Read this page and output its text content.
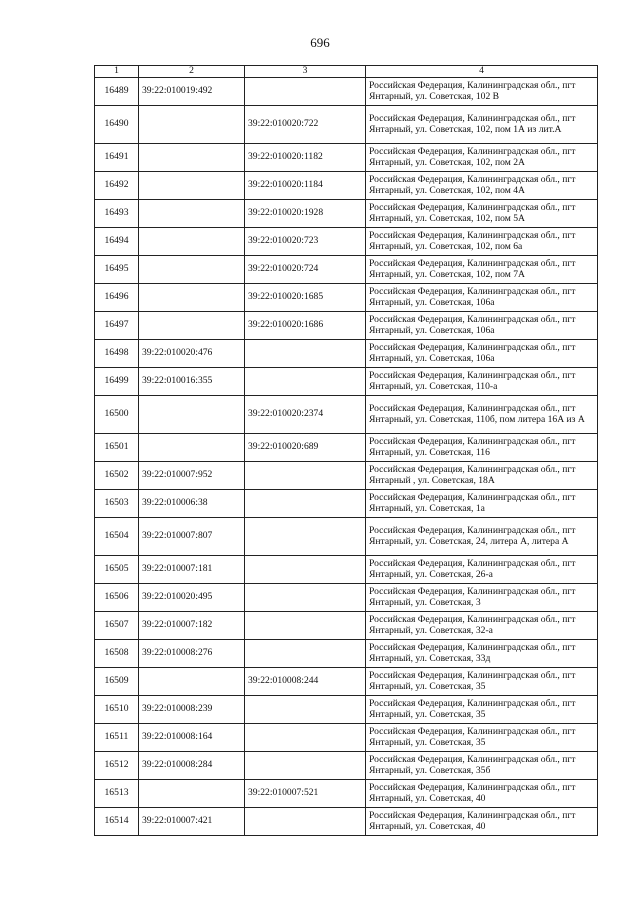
696
1	2	3	4
16489	39:22:010019:492		Российская Федерация, Калининградская обл., пгт Янтарный, ул. Советская, 102 В
16490		39:22:010020:722	Российская Федерация, Калининградская обл., пгт Янтарный, ул. Советская, 102, пом 1А из лит.А
16491		39:22:010020:1182	Российская Федерация, Калининградская обл., пгт Янтарный, ул. Советская, 102, пом 2А
16492		39:22:010020:1184	Российская Федерация, Калининградская обл., пгт Янтарный, ул. Советская, 102, пом 4А
16493		39:22:010020:1928	Российская Федерация, Калининградская обл., пгт Янтарный, ул. Советская, 102, пом 5А
16494		39:22:010020:723	Российская Федерация, Калининградская обл., пгт Янтарный, ул. Советская, 102, пом 6а
16495		39:22:010020:724	Российская Федерация, Калининградская обл., пгт Янтарный, ул. Советская, 102, пом 7А
16496		39:22:010020:1685	Российская Федерация, Калининградская обл., пгт Янтарный, ул. Советская, 106а
16497		39:22:010020:1686	Российская Федерация, Калининградская обл., пгт Янтарный, ул. Советская, 106а
16498	39:22:010020:476		Российская Федерация, Калининградская обл., пгт Янтарный, ул. Советская, 106а
16499	39:22:010016:355		Российская Федерация, Калининградская обл., пгт Янтарный, ул. Советская, 110-а
16500		39:22:010020:2374	Российская Федерация, Калининградская обл., пгт Янтарный, ул. Советская, 110б, пом литера 16А из А
16501		39:22:010020:689	Российская Федерация, Калининградская обл., пгт Янтарный, ул. Советская, 116
16502	39:22:010007:952		Российская Федерация, Калининградская обл., пгт Янтарный , ул. Советская, 18А
16503	39:22:010006:38		Российская Федерация, Калининградская обл., пгт Янтарный, ул. Советская, 1а
16504	39:22:010007:807		Российская Федерация, Калининградская обл., пгт Янтарный, ул. Советская, 24, литера А, литера А
16505	39:22:010007:181		Российская Федерация, Калининградская обл., пгт Янтарный, ул. Советская, 26-а
16506	39:22:010020:495		Российская Федерация, Калининградская обл., пгт Янтарный, ул. Советская, 3
16507	39:22:010007:182		Российская Федерация, Калининградская обл., пгт Янтарный, ул. Советская, 32-а
16508	39:22:010008:276		Российская Федерация, Калининградская обл., пгт Янтарный, ул. Советская, 33д
16509		39:22:010008:244	Российская Федерация, Калининградская обл., пгт Янтарный, ул. Советская, 35
16510	39:22:010008:239		Российская Федерация, Калининградская обл., пгт Янтарный, ул. Советская, 35
16511	39:22:010008:164		Российская Федерация, Калининградская обл., пгт Янтарный, ул. Советская, 35
16512	39:22:010008:284		Российская Федерация, Калининградская обл., пгт Янтарный, ул. Советская, 35б
16513		39:22:010007:521	Российская Федерация, Калининградская обл., пгт Янтарный, ул. Советская, 40
16514	39:22:010007:421		Российская Федерация, Калининградская обл., пгт Янтарный, ул. Советская, 40
